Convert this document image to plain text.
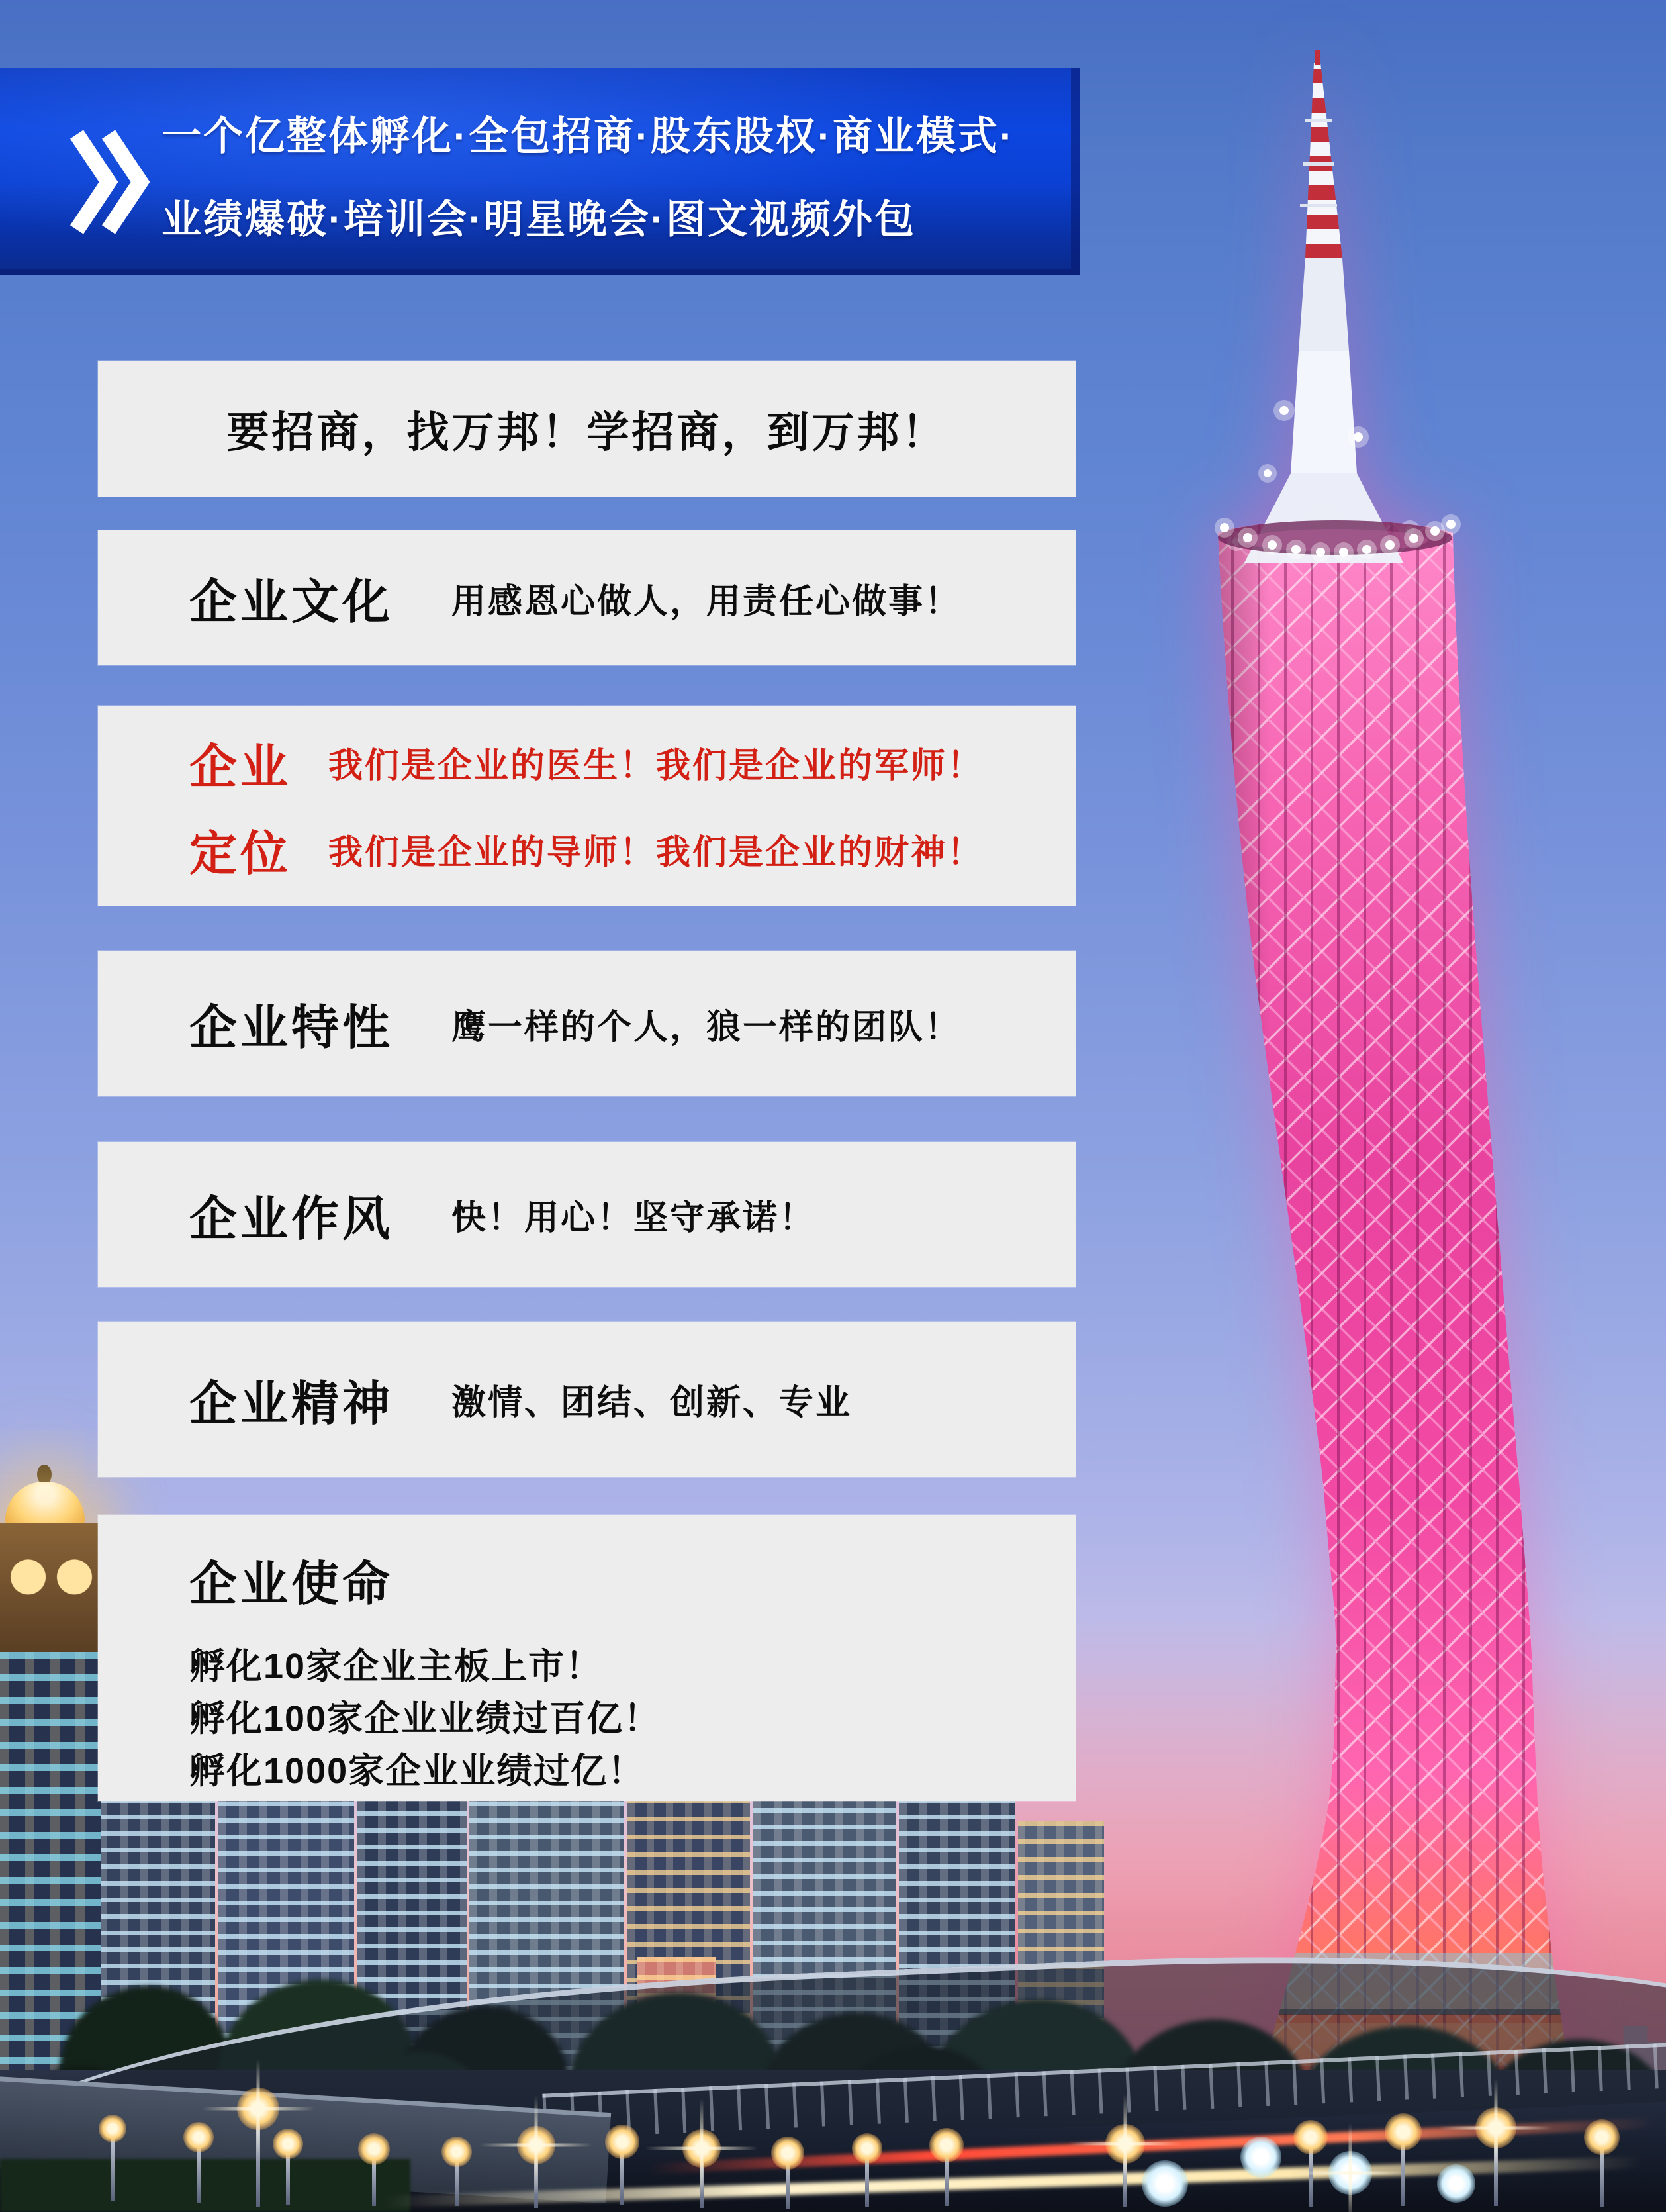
一个亿整体孵化·全包招商·股东股权·商业模式·
业绩爆破·培训会·明星晚会·图文视频外包
要招商，找万邦！学招商，到万邦！
企业文化 用感恩心做人，用责任心做事！
企业	我们是企业的医生！我们是企业的军师！
定位	我们是企业的导师！我们是企业的财神！
企业特性 鹰一样的个人，狼一样的团队！
企业作风 快！用心！坚守承诺！
企业精神 激情、团结、创新、专业
企业使命
孵化10家企业主板上市！
孵化100家企业业绩过百亿！
孵化1000家企业业绩过亿！
